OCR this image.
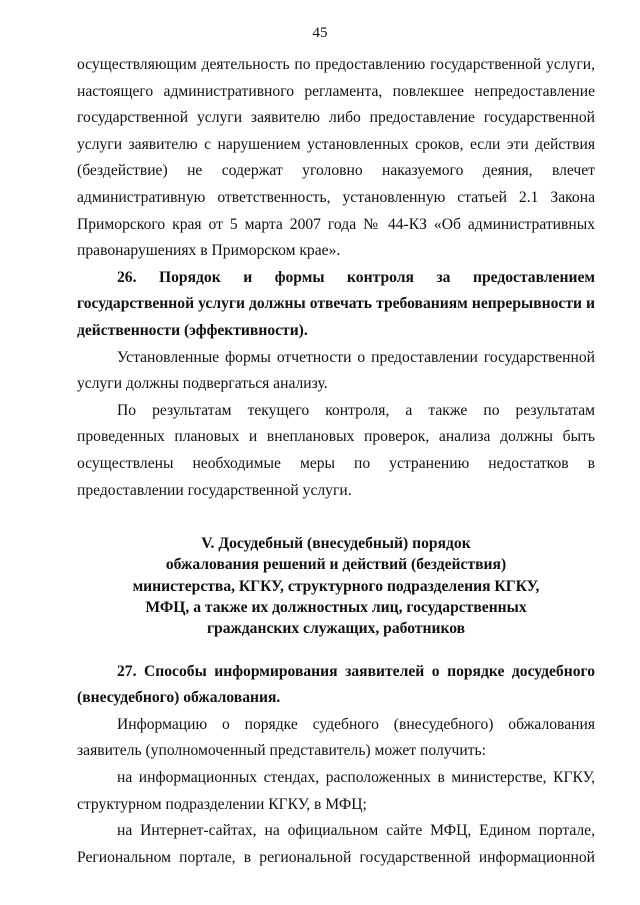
45

осуществляющим деятельность по предоставлению государственной услуги, настоящего административного регламента, повлекшее непредоставление государственной услуги заявителю либо предоставление государственной услуги заявителю с нарушением установленных сроков, если эти действия (бездействие) не содержат уголовно наказуемого деяния, влечет административную ответственность, установленную статьей 2.1 Закона Приморского края от 5 марта 2007 года № 44-КЗ «Об административных правонарушениях в Приморском крае».

26. Порядок и формы контроля за предоставлением государственной услуги должны отвечать требованиям непрерывности и действенности (эффективности).

Установленные формы отчетности о предоставлении государственной услуги должны подвергаться анализу.

По результатам текущего контроля, а также по результатам проведенных плановых и внеплановых проверок, анализа должны быть осуществлены необходимые меры по устранению недостатков в предоставлении государственной услуги.

V. Досудебный (внесудебный) порядок
обжалования решений и действий (бездействия)
министерства, КГКУ, структурного подразделения КГКУ,
МФЦ, а также их должностных лиц, государственных
гражданских служащих, работников

27. Способы информирования заявителей о порядке досудебного (внесудебного) обжалования.

Информацию о порядке судебного (внесудебного) обжалования заявитель (уполномоченный представитель) может получить:

на информационных стендах, расположенных в министерстве, КГКУ, структурном подразделении КГКУ, в МФЦ;

на Интернет-сайтах, на официальном сайте МФЦ, Едином портале, Региональном портале, в региональной государственной информационной
